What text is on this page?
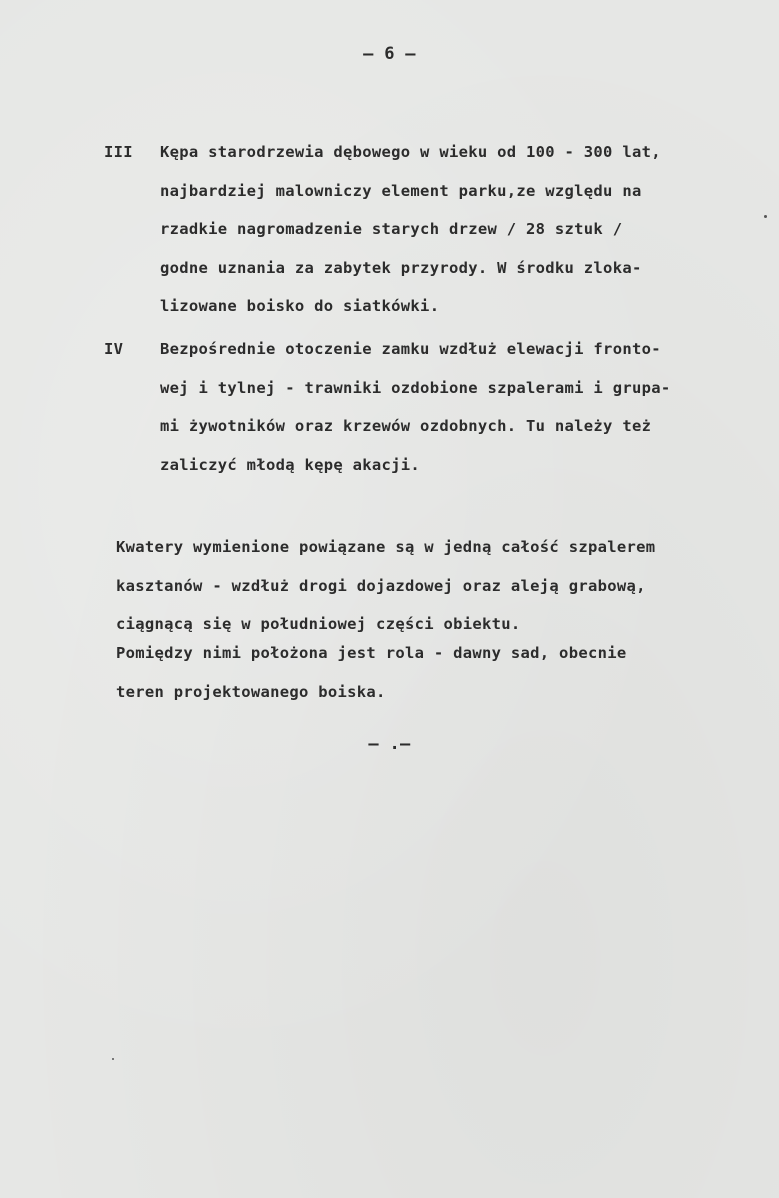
— 6 —
III Kępa starodrzewia dębowego w wieku od 100 - 300 lat,
najbardziej malowniczy element parku,ze względu na
rzadkie nagromadzenie starych drzew / 28 sztuk /
godne uznania za zabytek przyrody. W środku zloka-
lizowane boisko do siatkówki.
IV Bezpośrednie otoczenie zamku wzdłuż elewacji fronto-
wej i tylnej - trawniki ozdobione szpalerami i grupa-
mi żywotników oraz krzewów ozdobnych. Tu należy też
zaliczyć młodą kępę akacji.
Kwatery wymienione powiązane są w jedną całość szpalerem
kasztanów - wzdłuż drogi dojazdowej oraz aleją grabową,
ciągnącą się w południowej części obiektu.
Pomiędzy nimi położona jest rola - dawny sad, obecnie
teren projektowanego boiska.
— .—
